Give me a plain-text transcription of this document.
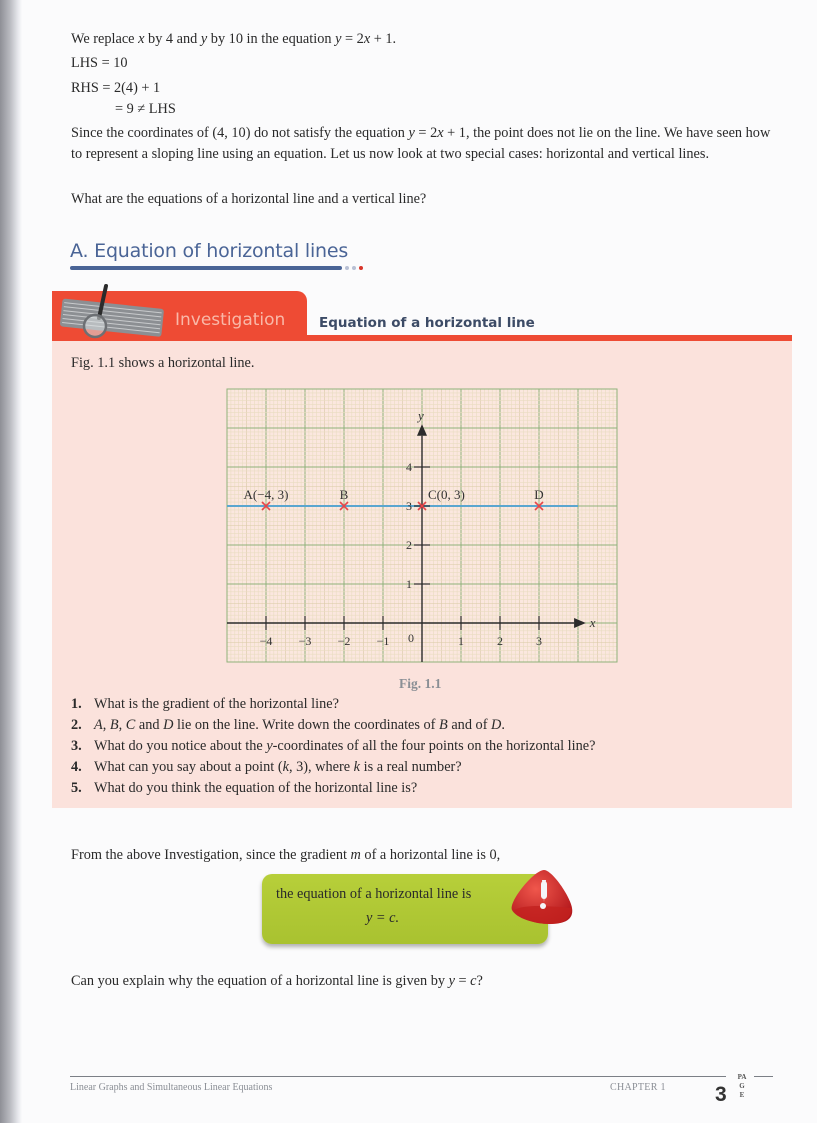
We replace x by 4 and y by 10 in the equation y = 2x + 1.

LHS = 10

RHS = 2(4) + 1

= 9 ≠ LHS

Since the coordinates of (4, 10) do not satisfy the equation y = 2x + 1, the point does not lie on the line. We have seen how to represent a sloping line using an equation. Let us now look at two special cases: horizontal and vertical lines.

What are the equations of a horizontal line and a vertical line?

A. Equation of horizontal lines
Investigation Equation of a horizontal line

Fig. 1.1 shows a horizontal line.

x
y
−4 −3 −2 −1	1	2	3
1
2
3
4
0
A(−4, 3)	B	C(0, 3)	D
Fig. 1.1
1. What is the gradient of the horizontal line?
2. A, B, C and D lie on the line. Write down the coordinates of B and of D.
3. What do you notice about the y-coordinates of all the four points on the horizontal line?
4. What can you say about a point (k, 3), where k is a real number?
5. What do you think the equation of the horizontal line is?

From the above Investigation, since the gradient m of a horizontal line is 0,

the equation of a horizontal line is
y = c.

Can you explain why the equation of a horizontal line is given by y = c?

Linear Graphs and Simultaneous Linear Equations	CHAPTER 1 3
PAGE
